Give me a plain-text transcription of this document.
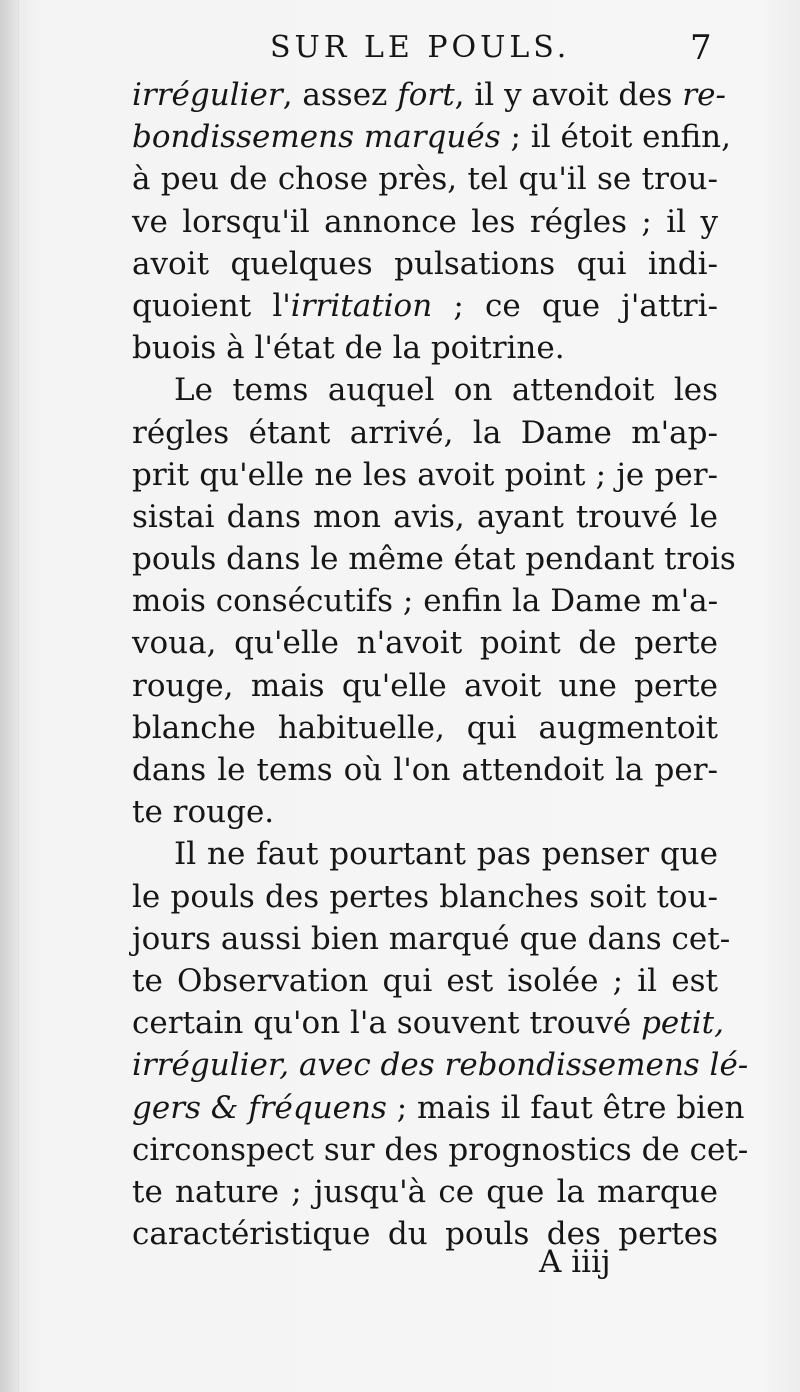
SUR LE POULS.	7
irrégulier, assez fort, il y avoit des re-
bondissemens marqués ; il étoit enfin,
à peu de chose près, tel qu'il se trou-
ve lorsqu'il annonce les régles ; il y
avoit quelques pulsations qui indi-
quoient l'irritation ; ce que j'attri-
buois à l'état de la poitrine.
Le tems auquel on attendoit les
régles étant arrivé, la Dame m'ap-
prit qu'elle ne les avoit point ; je per-
sistai dans mon avis, ayant trouvé le
pouls dans le même état pendant trois
mois consécutifs ; enfin la Dame m'a-
voua, qu'elle n'avoit point de perte
rouge, mais qu'elle avoit une perte
blanche habituelle, qui augmentoit
dans le tems où l'on attendoit la per-
te rouge.
Il ne faut pourtant pas penser que
le pouls des pertes blanches soit tou-
jours aussi bien marqué que dans cet-
te Observation qui est isolée ; il est
certain qu'on l'a souvent trouvé petit,
irrégulier, avec des rebondissemens lé-
gers & fréquens ; mais il faut être bien
circonspect sur des prognostics de cet-
te nature ; jusqu'à ce que la marque
caractéristique du pouls des pertes
A iiij
